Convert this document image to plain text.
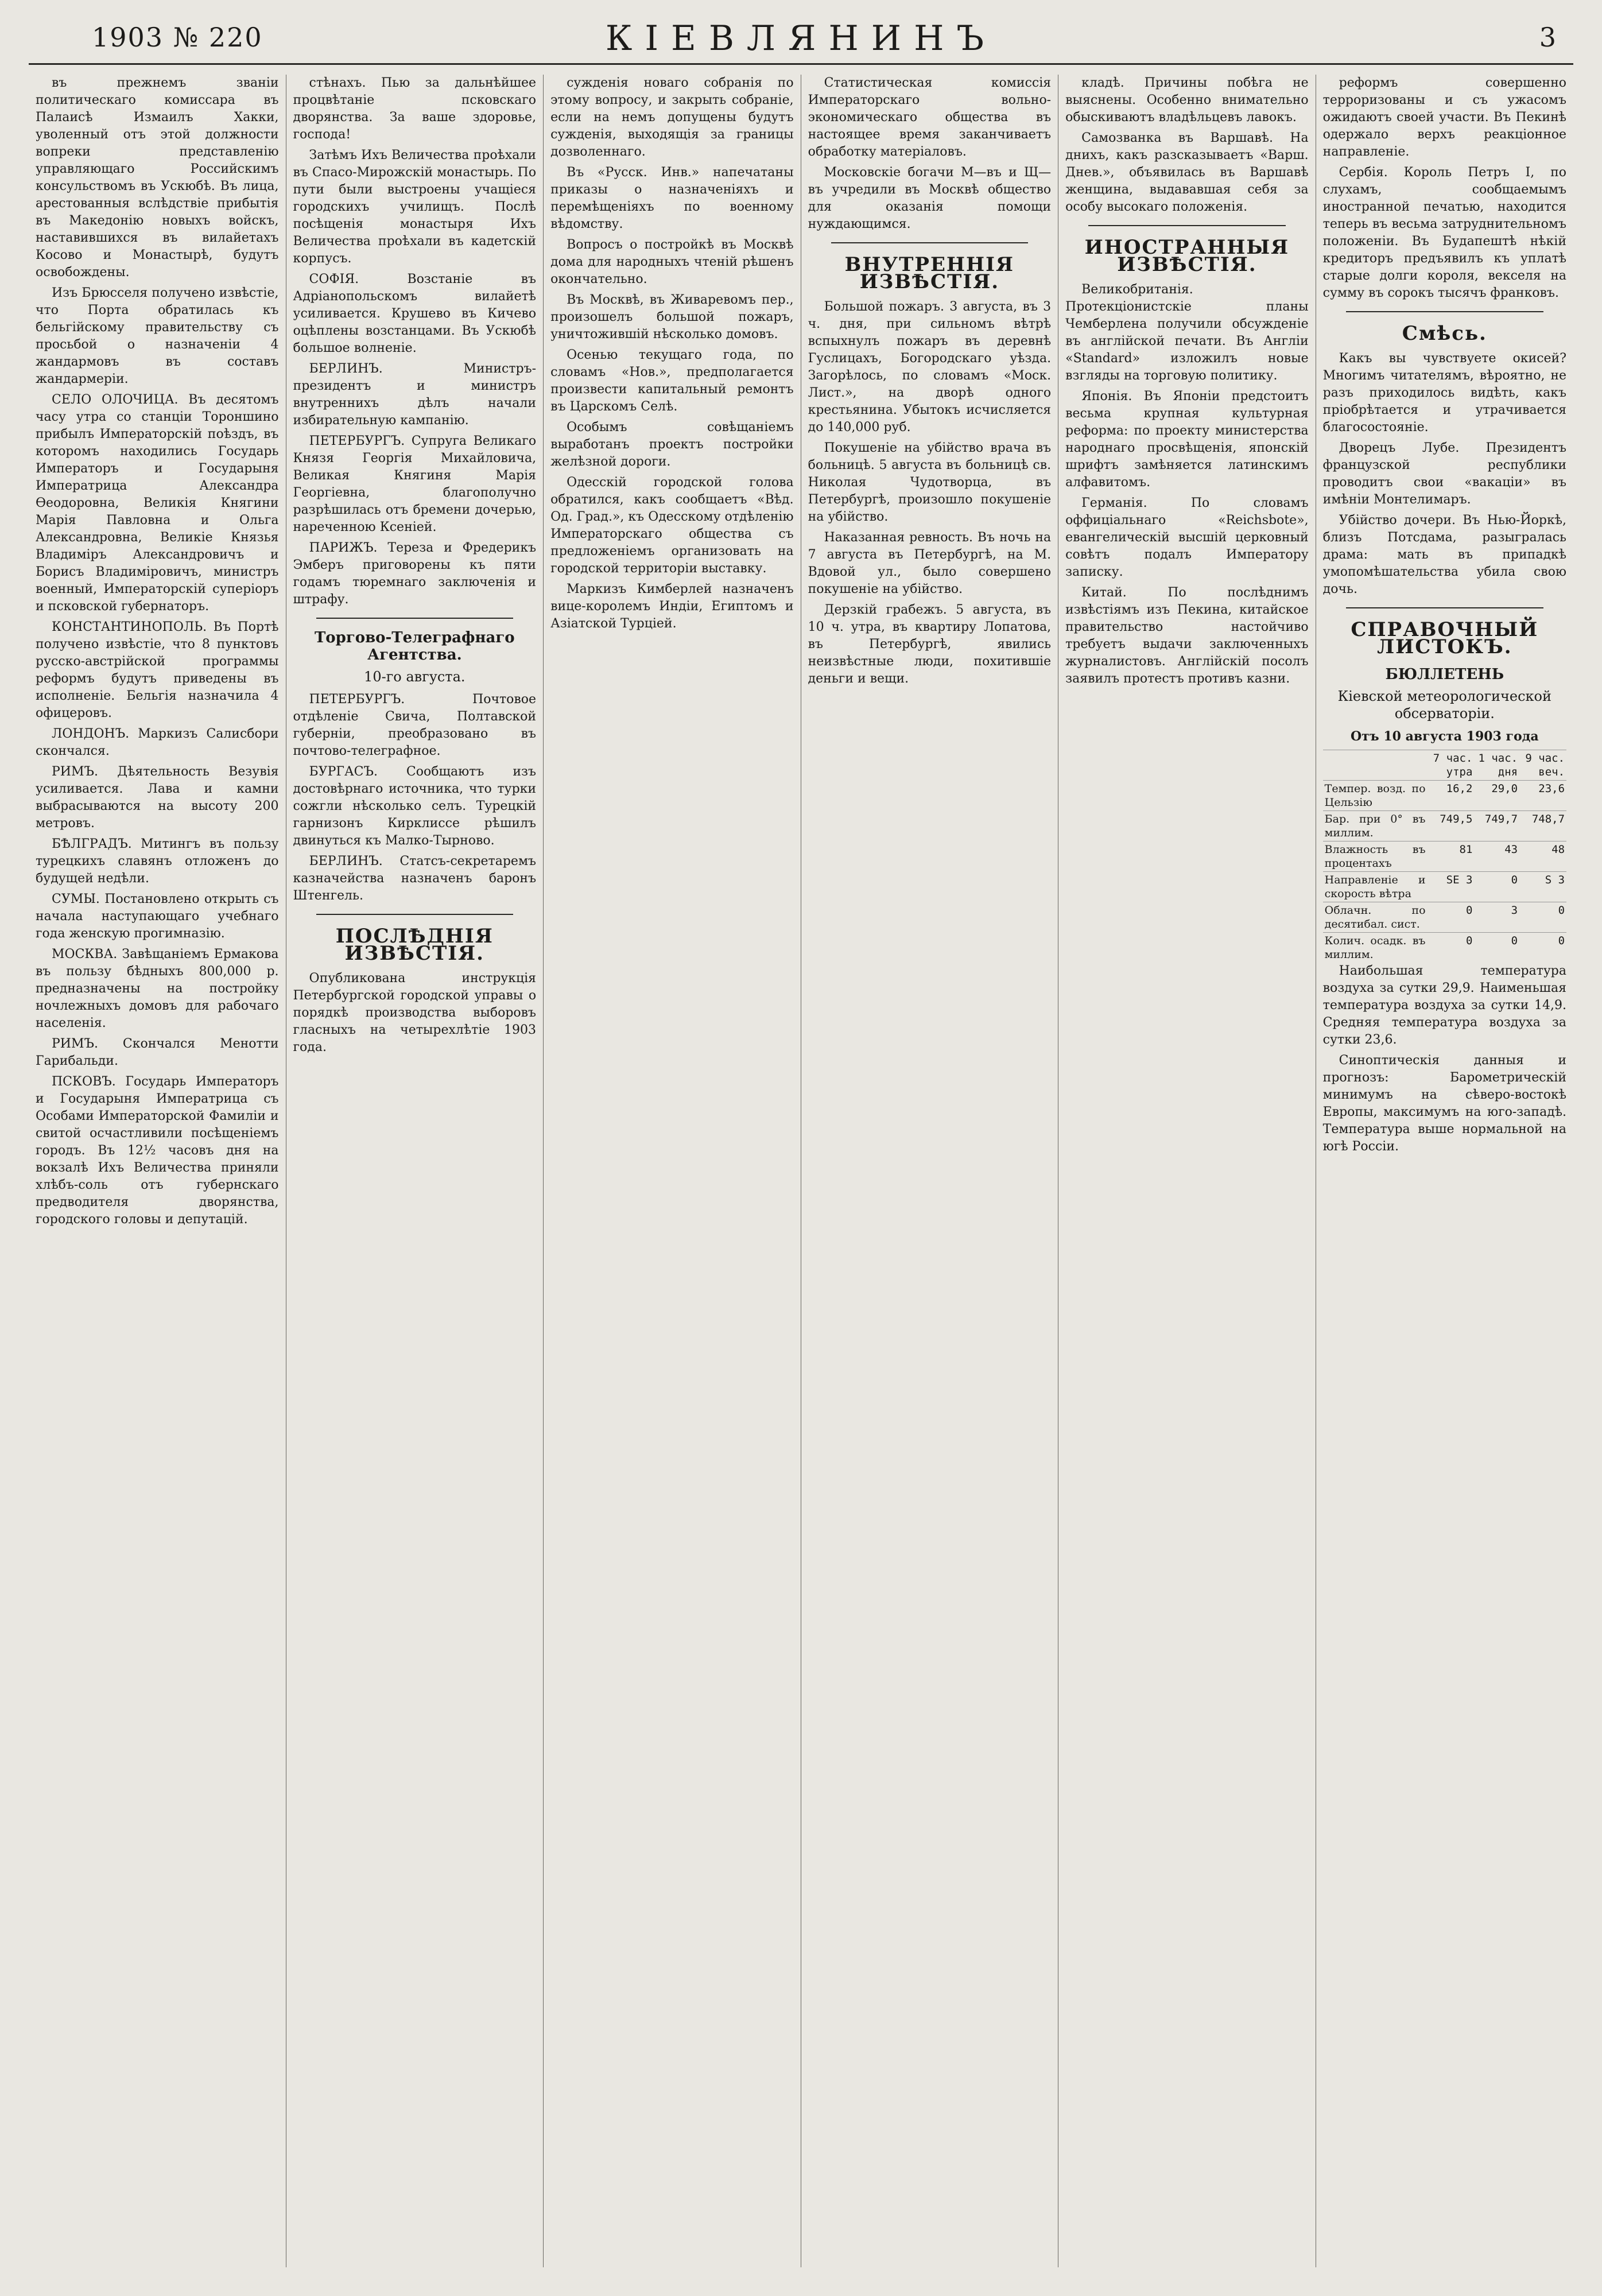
1903 № 220	КІЕВЛЯНИНЪ	3

въ прежнемъ званіи политическаго комиссара въ Палаисѣ Измаилъ Хакки, уволенный отъ этой должности вопреки представленію управляющаго Российскимъ консульствомъ въ Ускюбѣ. Въ лица, арестованныя вслѣдствіе прибытія въ Македонію новыхъ войскъ, наставившихся въ вилайетахъ Косово и Монастырѣ, будутъ освобождены.

Изъ Брюсселя получено извѣстіе, что Порта обратилась къ бельгійскому правительству съ просьбой о назначеніи 4 жандармовъ въ составъ жандармеріи.

СЕЛО ОЛОЧИЦА. Въ десятомъ часу утра со станціи Тороншино прибылъ Императорскій поѣздъ, въ которомъ находились Государь Императоръ и Государыня Императрица Александра Ѳеодоровна, Великія Княгини Марія Павловна и Ольга Александровна, Великіе Князья Владиміръ Александровичъ и Борисъ Владиміровичъ, министръ военный, Императорскій суперіоръ и псковской губернаторъ.

КОНСТАНТИНОПОЛЬ. Въ Портѣ получено извѣстіе, что 8 пунктовъ русско-австрійской программы реформъ будутъ приведены въ исполненіе. Бельгія назначила 4 офицеровъ.

ЛОНДОНЪ. Маркизъ Салисбори скончался.

РИМЪ. Дѣятельность Везувія усиливается. Лава и камни выбрасываются на высоту 200 метровъ.

БѢЛГРАДЪ. Митингъ въ пользу турецкихъ славянъ отложенъ до будущей недѣли.

СУМЫ. Постановлено открыть съ начала наступающаго учебнаго года женскую прогимназію.

МОСКВА. Завѣщаніемъ Ермакова въ пользу бѣдныхъ 800,000 р. предназначены на постройку ночлежныхъ домовъ для рабочаго населенія.

РИМЪ. Скончался Менотти Гарибальди.

ПСКОВЪ. Государь Императоръ и Государыня Императрица съ Особами Императорской Фамиліи и свитой осчастливили посѣщеніемъ городъ. Въ 12½ часовъ дня на вокзалѣ Ихъ Величества приняли хлѣбъ-соль отъ губернскаго предводителя дворянства, городского головы и депутацій.

стѣнахъ. Пью за дальнѣйшее процвѣтаніе псковскаго дворянства. За ваше здоровье, господа!

Затѣмъ Ихъ Величества проѣхали въ Спасо-Мирожскій монастырь. По пути были выстроены учащіеся городскихъ училищъ. Послѣ посѣщенія монастыря Ихъ Величества проѣхали въ кадетскій корпусъ.

СОФІЯ. Возстаніе въ Адріанопольскомъ вилайетѣ усиливается. Крушево въ Кичево оцѣплены возстанцами. Въ Ускюбѣ большое волненіе.

БЕРЛИНЪ. Министръ-президентъ и министръ внутреннихъ дѣлъ начали избирательную кампанію.

ПЕТЕРБУРГЪ. Супруга Великаго Князя Георгія Михайловича, Великая Княгиня Марія Георгіевна, благополучно разрѣшилась отъ бремени дочерью, нареченною Ксеніей.

ПАРИЖЪ. Тереза и Фредерикъ Эмберъ приговорены къ пяти годамъ тюремнаго заключенія и штрафу.

Торгово-Телеграфнаго Агентства.
10-го августа.

ПЕТЕРБУРГЪ. Почтовое отдѣленіе Свича, Полтавской губерніи, преобразовано въ почтово-телеграфное.

БУРГАСЪ. Сообщаютъ изъ достовѣрнаго источника, что турки сожгли нѣсколько селъ. Турецкій гарнизонъ Кирклиссе рѣшилъ двинуться къ Малко-Тырново.

БЕРЛИНЪ. Статсъ-секретаремъ казначейства назначенъ баронъ Штенгель.

ПОСЛѢДНІЯ ИЗВѢСТІЯ.

Опубликована инструкція Петербургской городской управы о порядкѣ производства выборовъ гласныхъ на четырехлѣтіе 1903 года.

сужденія новаго собранія по этому вопросу, и закрыть собраніе, если на немъ допущены будутъ сужденія, выходящія за границы дозволеннаго.

Въ «Русск. Инв.» напечатаны приказы о назначеніяхъ и перемѣщеніяхъ по военному вѣдомству.

Вопросъ о постройкѣ въ Москвѣ дома для народныхъ чтеній рѣшенъ окончательно.

Въ Москвѣ, въ Живаревомъ пер., произошелъ большой пожаръ, уничтожившій нѣсколько домовъ.

Осенью текущаго года, по словамъ «Нов.», предполагается произвести капитальный ремонтъ въ Царскомъ Селѣ.

Особымъ совѣщаніемъ выработанъ проектъ постройки желѣзной дороги.

Одесскій городской голова обратился, какъ сообщаетъ «Вѣд. Од. Град.», къ Одесскому отдѣленію Императорскаго общества съ предложеніемъ организовать на городской территоріи выставку.

Маркизъ Кимберлей назначенъ вице-королемъ Индіи, Египтомъ и Азіатской Турціей.

Статистическая комиссія Императорскаго вольно-экономическаго общества въ настоящее время заканчиваетъ обработку матеріаловъ.

Московскіе богачи М—въ и Щ—въ учредили въ Москвѣ общество для оказанія помощи нуждающимся.

ВНУТРЕННІЯ ИЗВѢСТІЯ.

Большой пожаръ. 3 августа, въ 3 ч. дня, при сильномъ вѣтрѣ вспыхнулъ пожаръ въ деревнѣ Гуслицахъ, Богородскаго уѣзда. Загорѣлось, по словамъ «Моск. Лист.», на дворѣ одного крестьянина. Убытокъ исчисляется до 140,000 руб.

Покушеніе на убійство врача въ больницѣ. 5 августа въ больницѣ св. Николая Чудотворца, въ Петербургѣ, произошло покушеніе на убійство.

Наказанная ревность. Въ ночь на 7 августа въ Петербургѣ, на М. Вдовой ул., было совершено покушеніе на убійство.

Дерзкій грабежъ. 5 августа, въ 10 ч. утра, въ квартиру Лопатова, въ Петербургѣ, явились неизвѣстные люди, похитившіе деньги и вещи.

кладѣ. Причины побѣга не выяснены. Особенно внимательно обыскиваютъ владѣльцевъ лавокъ.

Самозванка въ Варшавѣ. На днихъ, какъ разсказываетъ «Варш. Днев.», объявилась въ Варшавѣ женщина, выдававшая себя за особу высокаго положенія.

ИНОСТРАННЫЯ ИЗВѢСТІЯ.

Великобританія. Протекціонистскіе планы Чемберлена получили обсужденіе въ англійской печати. Въ Англіи «Standard» изложилъ новые взгляды на торговую политику.

Японія. Въ Японіи предстоитъ весьма крупная культурная реформа: по проекту министерства народнаго просвѣщенія, японскій шрифтъ замѣняется латинскимъ алфавитомъ.

Германія. По словамъ оффиціальнаго «Reichsbote», евангелическій высшій церковный совѣтъ подалъ Императору записку.

Китай. По послѣднимъ извѣстіямъ изъ Пекина, китайское правительство настойчиво требуетъ выдачи заключенныхъ журналистовъ. Англійскій посолъ заявилъ протестъ противъ казни.

реформъ совершенно терроризованы и съ ужасомъ ожидаютъ своей участи. Въ Пекинѣ одержало верхъ реакціонное направленіе.

Сербія. Король Петръ I, по слухамъ, сообщаемымъ иностранной печатью, находится теперь въ весьма затруднительномъ положеніи. Въ Будапештѣ нѣкій кредиторъ предъявилъ къ уплатѣ старые долги короля, векселя на сумму въ сорокъ тысячъ франковъ.

Смѣсь.

Какъ вы чувствуете окисей? Многимъ читателямъ, вѣроятно, не разъ приходилось видѣть, какъ пріобрѣтается и утрачивается благосостояніе.

Дворецъ Лубе. Президентъ французской республики проводитъ свои «вакаціи» въ имѣніи Монтелимаръ.

Убійство дочери. Въ Нью-Йоркѣ, близъ Потсдама, разыгралась драма: мать въ припадкѣ умопомѣшательства убила свою дочь.

СПРАВОЧНЫЙ ЛИСТОКЪ.
БЮЛЛЕТЕНЬ
Кіевской метеорологической обсерваторіи.
Отъ 10 августа 1903 года
	7 час. утра	1 час. дня	9 час. веч.
Темпер. возд. по Цельзію	16,2	29,0	23,6
Бар. при 0° въ миллим.	749,5	749,7	748,7
Влажность въ процентахъ	81	43	48
Направленіе и скорость вѣтра	SE 3	0	S 3
Облачн. по десятибал. сист.	0	3	0
Колич. осадк. въ миллим.	0	0	0

Наибольшая температура воздуха за сутки 29,9. Наименьшая температура воздуха за сутки 14,9. Средняя температура воздуха за сутки 23,6.

Синоптическія данныя и прогнозъ: Барометрическій минимумъ на сѣверо-востокѣ Европы, максимумъ на юго-западѣ. Температура выше нормальной на югѣ Россіи.
